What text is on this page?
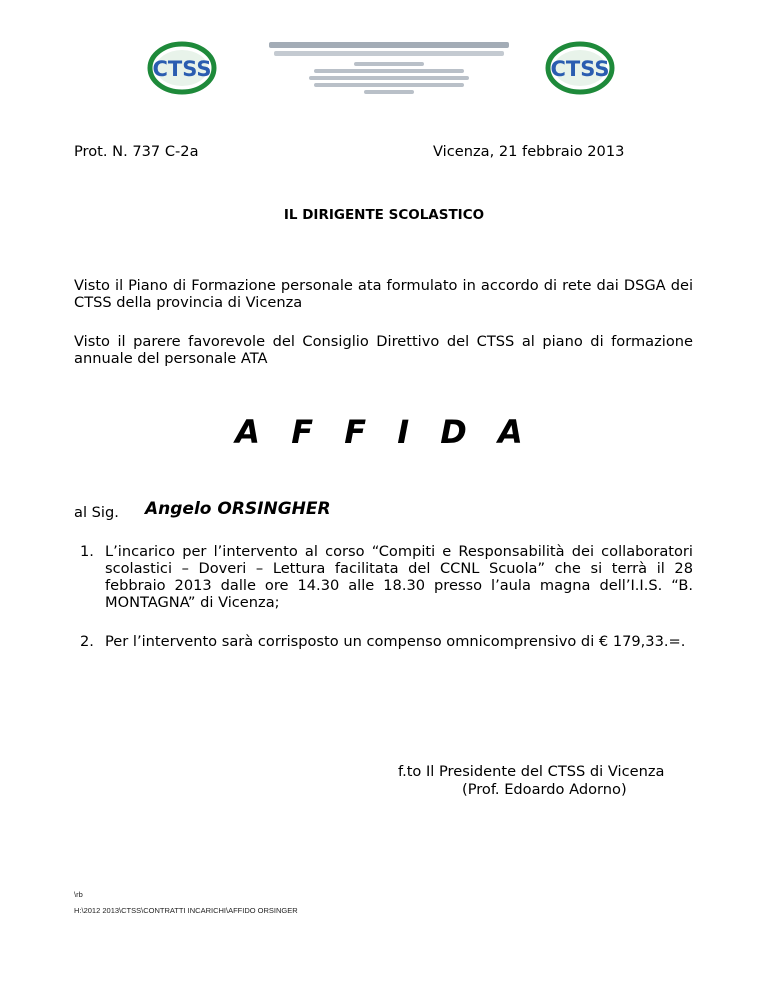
CTSS	CTSS
Prot. N. 737 C-2a	Vicenza, 21 febbraio 2013
IL DIRIGENTE SCOLASTICO
Visto il Piano di Formazione personale ata formulato in accordo di rete dai DSGA dei CTSS della provincia di Vicenza
Visto il parere favorevole del Consiglio Direttivo del CTSS al piano di formazione annuale del personale ATA
A F F I D A
al Sig. Angelo ORSINGHER
1. L’incarico per l’intervento al corso “Compiti e Responsabilità dei collaboratori scolastici – Doveri – Lettura facilitata del CCNL Scuola” che si terrà il 28 febbraio 2013 dalle ore 14.30 alle 18.30 presso l’aula magna dell’I.I.S. “B. MONTAGNA” di Vicenza;
2. Per l’intervento sarà corrisposto un compenso omnicomprensivo di € 179,33.=.
f.to Il Presidente del CTSS di Vicenza
(Prof. Edoardo Adorno)
\rb
H:\2012 2013\CTSS\CONTRATTI INCARICHI\AFFIDO ORSINGER
